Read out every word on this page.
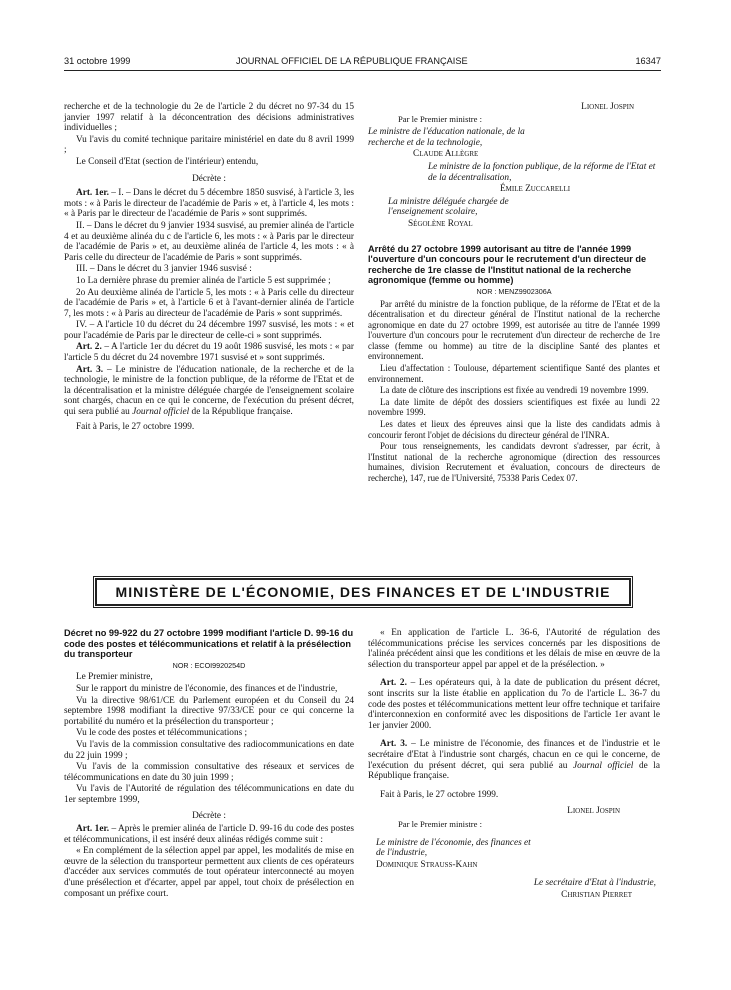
31 octobre 1999	JOURNAL OFFICIEL DE LA RÉPUBLIQUE FRANÇAISE	16347

recherche et de la technologie du 2e de l'article 2 du décret no 97-34 du 15 janvier 1997 relatif à la déconcentration des décisions administratives individuelles ;

Vu l'avis du comité technique paritaire ministériel en date du 8 avril 1999 ;

Le Conseil d'Etat (section de l'intérieur) entendu,

Décrète :

Art. 1er. – I. – Dans le décret du 5 décembre 1850 susvisé, à l'article 3, les mots : « à Paris le directeur de l'académie de Paris » et, à l'article 4, les mots : « à Paris par le directeur de l'académie de Paris » sont supprimés.

II. – Dans le décret du 9 janvier 1934 susvisé, au premier alinéa de l'article 4 et au deuxième alinéa du c de l'article 6, les mots : « à Paris par le directeur de l'académie de Paris » et, au deuxième alinéa de l'article 4, les mots : « à Paris celle du directeur de l'académie de Paris » sont supprimés.

III. – Dans le décret du 3 janvier 1946 susvisé :

1o La dernière phrase du premier alinéa de l'article 5 est supprimée ;

2o Au deuxième alinéa de l'article 5, les mots : « à Paris celle du directeur de l'académie de Paris » et, à l'article 6 et à l'avant-dernier alinéa de l'article 7, les mots : « à Paris au directeur de l'académie de Paris » sont supprimés.

IV. – A l'article 10 du décret du 24 décembre 1997 susvisé, les mots : « et pour l'académie de Paris par le directeur de celle-ci » sont supprimés.

Art. 2. – A l'article 1er du décret du 19 août 1986 susvisé, les mots : « par l'article 5 du décret du 24 novembre 1971 susvisé et » sont supprimés.

Art. 3. – Le ministre de l'éducation nationale, de la recherche et de la technologie, le ministre de la fonction publique, de la réforme de l'Etat et de la décentralisation et la ministre déléguée chargée de l'enseignement scolaire sont chargés, chacun en ce qui le concerne, de l'exécution du présent décret, qui sera publié au Journal officiel de la République française.

Fait à Paris, le 27 octobre 1999.

Lionel Jospin

Par le Premier ministre :

Le ministre de l'éducation nationale, de la recherche et de la technologie,

Claude Allègre

Le ministre de la fonction publique, de la réforme de l'Etat et de la décentralisation,

Émile Zuccarelli

La ministre déléguée chargée de l'enseignement scolaire,

Ségolène Royal

Arrêté du 27 octobre 1999 autorisant au titre de l'année 1999 l'ouverture d'un concours pour le recrutement d'un directeur de recherche de 1re classe de l'Institut national de la recherche agronomique (femme ou homme)

NOR : MENZ9902306A

Par arrêté du ministre de la fonction publique, de la réforme de l'Etat et de la décentralisation et du directeur général de l'Institut national de la recherche agronomique en date du 27 octobre 1999, est autorisée au titre de l'année 1999 l'ouverture d'un concours pour le recrutement d'un directeur de recherche de 1re classe (femme ou homme) au titre de la discipline Santé des plantes et environnement.

Lieu d'affectation : Toulouse, département scientifique Santé des plantes et environnement.

La date de clôture des inscriptions est fixée au vendredi 19 novembre 1999.

La date limite de dépôt des dossiers scientifiques est fixée au lundi 22 novembre 1999.

Les dates et lieux des épreuves ainsi que la liste des candidats admis à concourir feront l'objet de décisions du directeur général de l'INRA.

Pour tous renseignements, les candidats devront s'adresser, par écrit, à l'Institut national de la recherche agronomique (direction des ressources humaines, division Recrutement et évaluation, concours de directeurs de recherche), 147, rue de l'Université, 75338 Paris Cedex 07.

MINISTÈRE DE L'ÉCONOMIE, DES FINANCES ET DE L'INDUSTRIE

Décret no 99-922 du 27 octobre 1999 modifiant l'article D. 99-16 du code des postes et télécommunications et relatif à la présélection du transporteur

NOR : ECOI9920254D

Le Premier ministre,

Sur le rapport du ministre de l'économie, des finances et de l'industrie,

Vu la directive 98/61/CE du Parlement européen et du Conseil du 24 septembre 1998 modifiant la directive 97/33/CE pour ce qui concerne la portabilité du numéro et la présélection du transporteur ;

Vu le code des postes et télécommunications ;

Vu l'avis de la commission consultative des radiocommunications en date du 22 juin 1999 ;

Vu l'avis de la commission consultative des réseaux et services de télécommunications en date du 30 juin 1999 ;

Vu l'avis de l'Autorité de régulation des télécommunications en date du 1er septembre 1999,

Décrète :

Art. 1er. – Après le premier alinéa de l'article D. 99-16 du code des postes et télécommunications, il est inséré deux alinéas rédigés comme suit :

« En complément de la sélection appel par appel, les modalités de mise en œuvre de la sélection du transporteur permettent aux clients de ces opérateurs d'accéder aux services commutés de tout opérateur interconnecté au moyen d'une présélection et d'écarter, appel par appel, tout choix de présélection en composant un préfixe court.

« En application de l'article L. 36-6, l'Autorité de régulation des télécommunications précise les services concernés par les dispositions de l'alinéa précédent ainsi que les conditions et les délais de mise en œuvre de la sélection du transporteur appel par appel et de la présélection. »

Art. 2. – Les opérateurs qui, à la date de publication du présent décret, sont inscrits sur la liste établie en application du 7o de l'article L. 36-7 du code des postes et télécommunications mettent leur offre technique et tarifaire d'interconnexion en conformité avec les dispositions de l'article 1er avant le 1er janvier 2000.

Art. 3. – Le ministre de l'économie, des finances et de l'industrie et le secrétaire d'Etat à l'industrie sont chargés, chacun en ce qui le concerne, de l'exécution du présent décret, qui sera publié au Journal officiel de la République française.

Fait à Paris, le 27 octobre 1999.

Lionel Jospin

Par le Premier ministre :

Le ministre de l'économie, des finances et de l'industrie,

Dominique Strauss-Kahn

Le secrétaire d'Etat à l'industrie,

Christian Pierret
